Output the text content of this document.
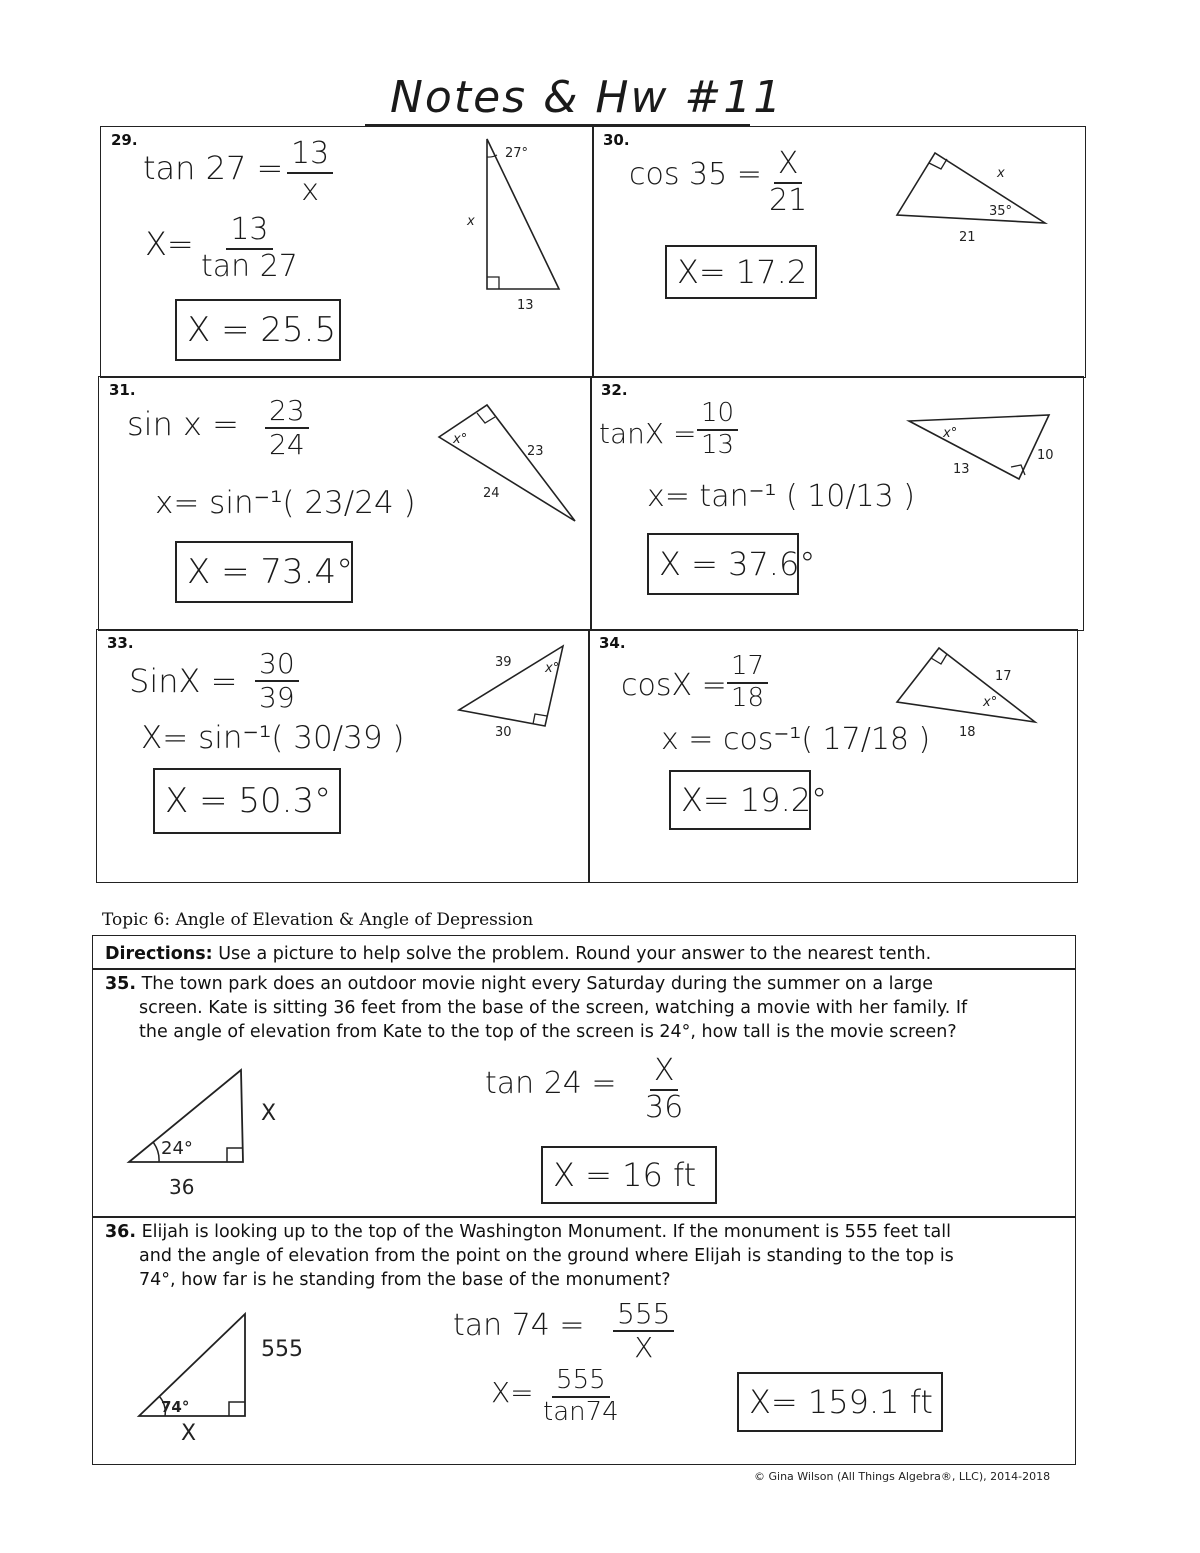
Notes & Hw #11
29.
$\tan 27 = \frac{13}{x}$
$X= \frac{13}{\tan 27}$
X = 25.5
27°
x
13
30.
$\cos 35 = \frac{X}{21}$
X= 17.2
x
35°
21
31.
$\sin x = \frac{23}{24}$
x= sin⁻¹( 23/24 )
X = 73.4°
x°
23
24
32.
$\tan X = \frac{10}{13}$
x= tan⁻¹ ( 10/13 )
X = 37.6°
x°
13
10
33.
SinX = $\frac{30}{39}$
X= sin⁻¹( 30/39 )
X = 50.3°
39	x°
30
34.
$\cos X = \frac{17}{18}$
x = cos⁻¹( 17/18 )
X= 19.2°
17
x°
18
Topic 6: Angle of Elevation & Angle of Depression
Directions: Use a picture to help solve the problem. Round your answer to the nearest tenth.
35. The town park does an outdoor movie night every Saturday during the summer on a large
screen. Kate is sitting 36 feet from the base of the screen, watching a movie with her family. If
the angle of elevation from Kate to the top of the screen is 24°, how tall is the movie screen?
24°
X
36
$\tan 24 = \frac{X}{36}$
X = 16 ft
36. Elijah is looking up to the top of the Washington Monument. If the monument is 555 feet tall
and the angle of elevation from the point on the ground where Elijah is standing to the top is
74°, how far is he standing from the base of the monument?
74°
555
X
$\tan 74 = \frac{555}{X}$
$X= \frac{555}{\tan 74}$	X= 159.1 ft
© Gina Wilson (All Things Algebra®, LLC), 2014-2018
